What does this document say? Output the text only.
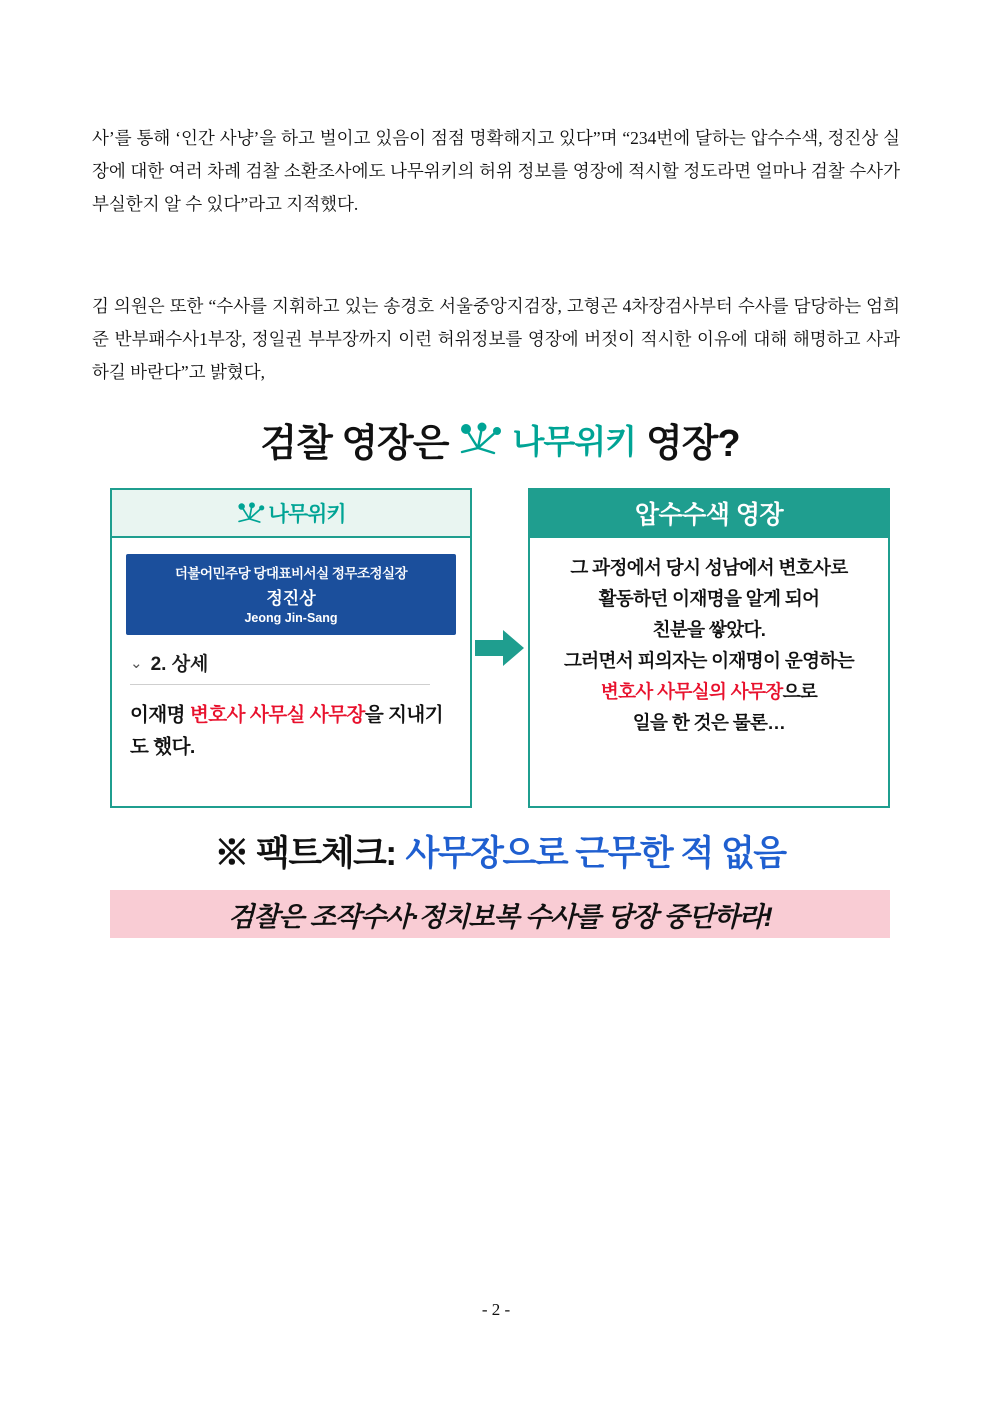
사’를 통해 ‘인간 사냥’을 하고 벌이고 있음이 점점 명확해지고 있다”며 “234번에 달하는 압수수색, 정진상 실장에 대한 여러 차례 검찰 소환조사에도 나무위키의 허위 정보를 영장에 적시할 정도라면 얼마나 검찰 수사가 부실한지 알 수 있다”라고 지적했다.

김 의원은 또한 “수사를 지휘하고 있는 송경호 서울중앙지검장, 고형곤 4차장검사부터 수사를 담당하는 엄희준 반부패수사1부장, 정일권 부부장까지 이런 허위정보를 영장에 버젓이 적시한 이유에 대해 해명하고 사과하길 바란다”고 밝혔다,

검찰 영장은 나무위키 영장?
나무위키
더불어민주당 당대표비서실 정무조정실장
정진상
Jeong Jin-Sang
⌄ 2. 상세
이재명 변호사 사무실 사무장을 지내기도 했다.
압수수색 영장
그 과정에서 당시 성남에서 변호사로
활동하던 이재명을 알게 되어
친분을 쌓았다.
그러면서 피의자는 이재명이 운영하는
변호사 사무실의 사무장으로
일을 한 것은 물론…
※ 팩트체크: 사무장으로 근무한 적 없음
검찰은 조작수사·정치보복 수사를 당장 중단하라!
- 2 -
